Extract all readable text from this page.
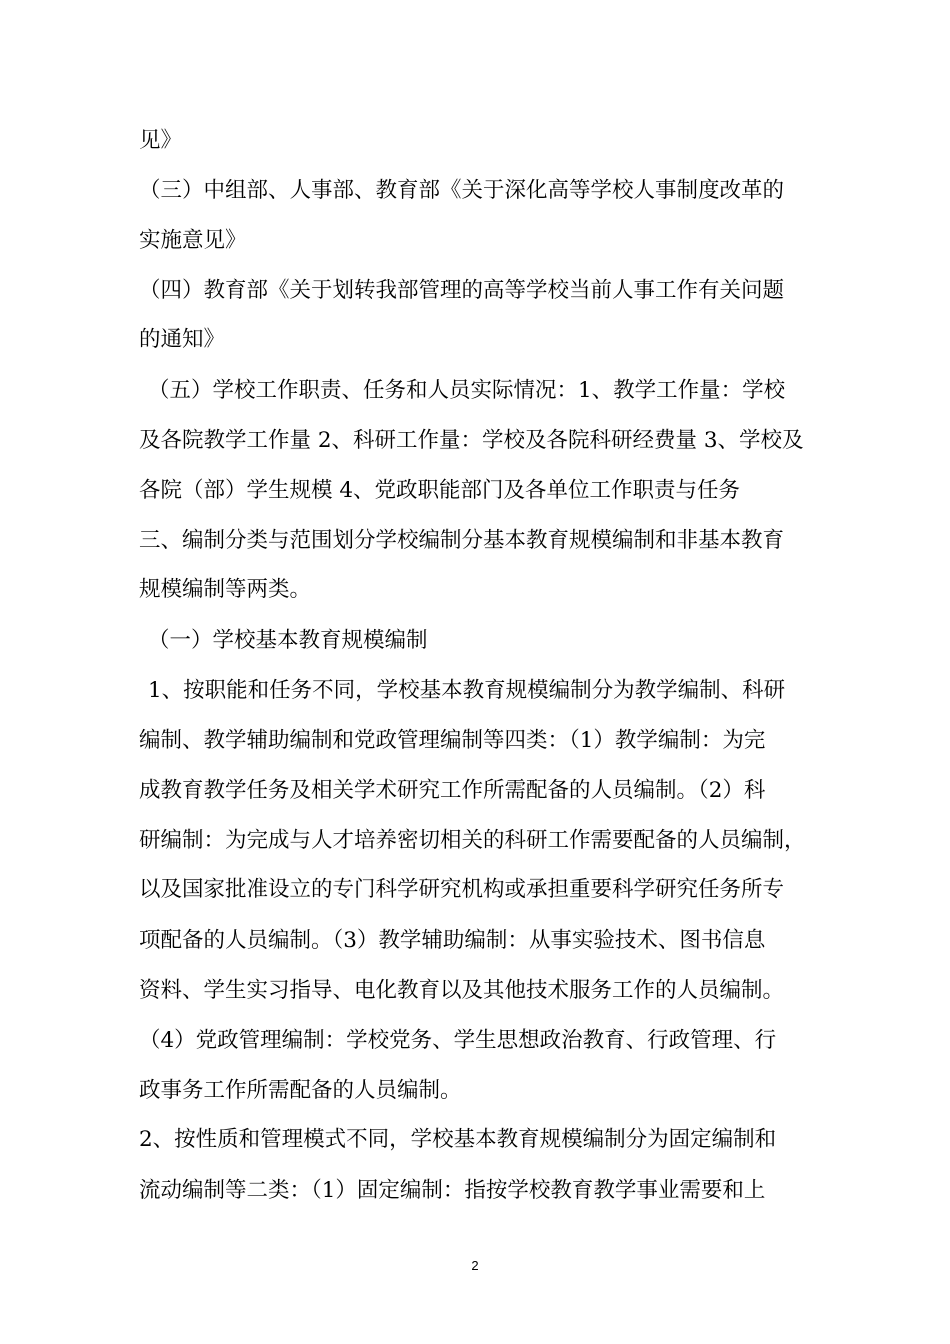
见》

（三）中组部、人事部、教育部《关于深化高等学校人事制度改革的

实施意见》

（四）教育部《关于划转我部管理的高等学校当前人事工作有关问题

的通知》

（五）学校工作职责、任务和人员实际情况：1、教学工作量：学校

及各院教学工作量 2、科研工作量：学校及各院科研经费量 3、学校及

各院（部）学生规模 4、党政职能部门及各单位工作职责与任务

三、编制分类与范围划分学校编制分基本教育规模编制和非基本教育

规模编制等两类。

（一）学校基本教育规模编制

1、按职能和任务不同，学校基本教育规模编制分为教学编制、科研

编制、教学辅助编制和党政管理编制等四类：（1）教学编制：为完

成教育教学任务及相关学术研究工作所需配备的人员编制。（2）科

研编制：为完成与人才培养密切相关的科研工作需要配备的人员编制，

以及国家批准设立的专门科学研究机构或承担重要科学研究任务所专

项配备的人员编制。（3）教学辅助编制：从事实验技术、图书信息

资料、学生实习指导、电化教育以及其他技术服务工作的人员编制。

（4）党政管理编制：学校党务、学生思想政治教育、行政管理、行

政事务工作所需配备的人员编制。

2、按性质和管理模式不同，学校基本教育规模编制分为固定编制和

流动编制等二类：（1）固定编制：指按学校教育教学事业需要和上

2
